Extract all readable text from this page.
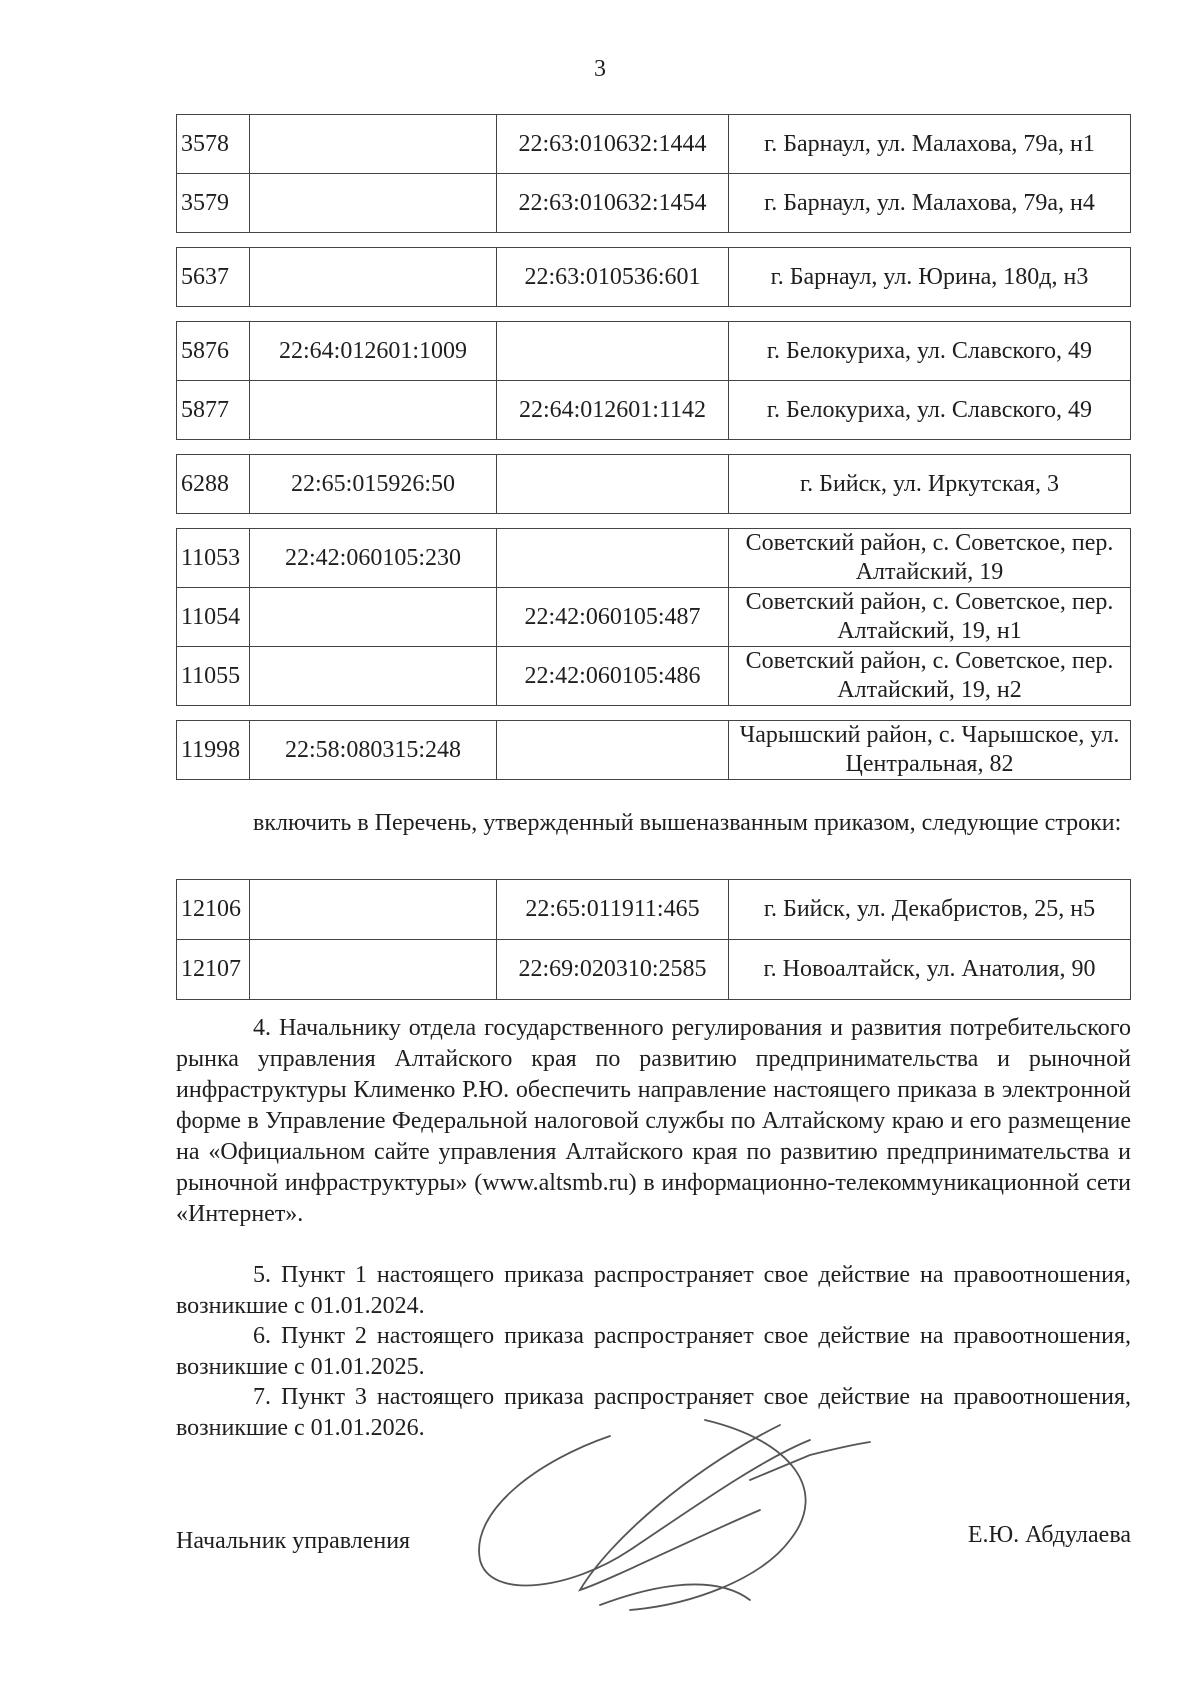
3
3578		22:63:010632:1444	г. Барнаул, ул. Малахова, 79а, н1
3579		22:63:010632:1454	г. Барнаул, ул. Малахова, 79а, н4
5637		22:63:010536:601	г. Барнаул, ул. Юрина, 180д, н3
5876	22:64:012601:1009		г. Белокуриха, ул. Славского, 49
5877		22:64:012601:1142	г. Белокуриха, ул. Славского, 49
6288	22:65:015926:50		г. Бийск, ул. Иркутская, 3
11053	22:42:060105:230		Советский район, с. Советское, пер. Алтайский, 19
11054		22:42:060105:487	Советский район, с. Советское, пер. Алтайский, 19, н1
11055		22:42:060105:486	Советский район, с. Советское, пер. Алтайский, 19, н2
11998	22:58:080315:248		Чарышский район, с. Чарышское, ул. Центральная, 82

включить в Перечень, утвержденный вышеназванным приказом, следующие строки:

12106		22:65:011911:465	г. Бийск, ул. Декабристов, 25, н5
12107		22:69:020310:2585	г. Новоалтайск, ул. Анатолия, 90

4. Начальнику отдела государственного регулирования и развития потребительского рынка управления Алтайского края по развитию предпринимательства и рыночной инфраструктуры Клименко Р.Ю. обеспечить направление настоящего приказа в электронной форме в Управление Федеральной налоговой службы по Алтайскому краю и его размещение на «Официальном сайте управления Алтайского края по развитию предпринимательства и рыночной инфраструктуры» (www.altsmb.ru) в информационно-телекоммуникационной сети «Интернет».

5. Пункт 1 настоящего приказа распространяет свое действие на правоотношения, возникшие с 01.01.2024.

6. Пункт 2 настоящего приказа распространяет свое действие на правоотношения, возникшие с 01.01.2025.

7. Пункт 3 настоящего приказа распространяет свое действие на правоотношения, возникшие с 01.01.2026.

Начальник управления	Е.Ю. Абдулаева
